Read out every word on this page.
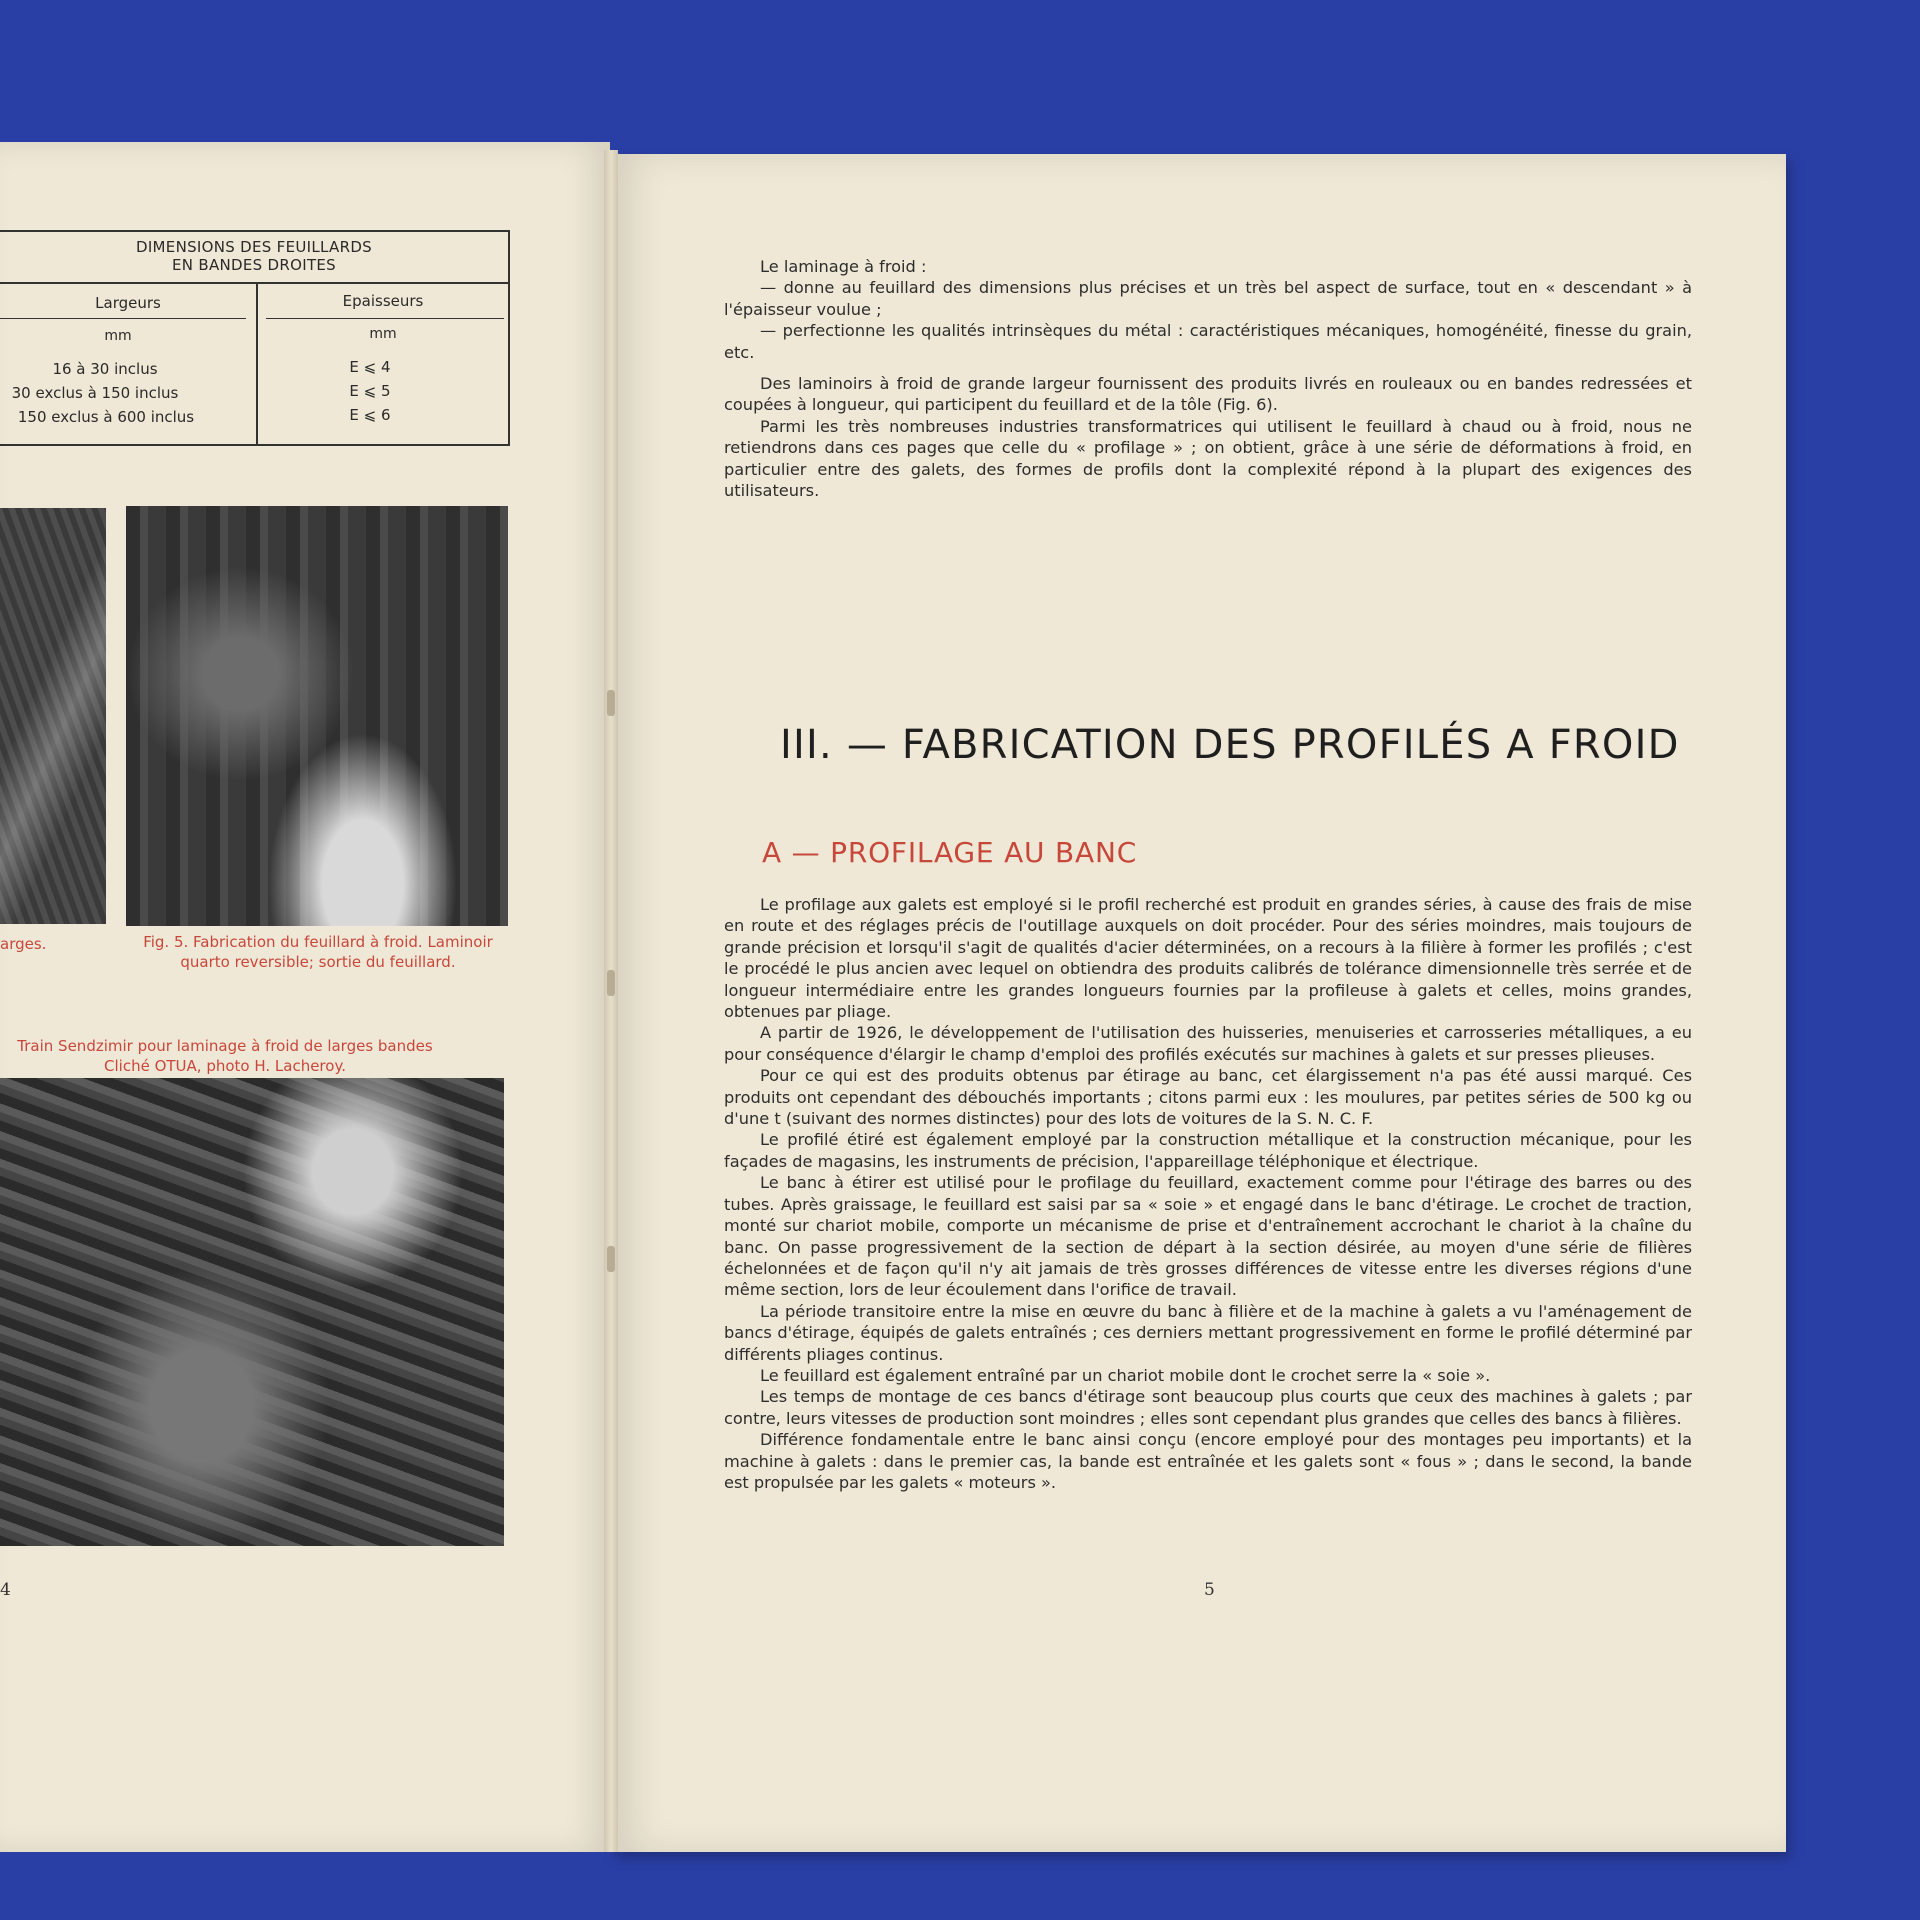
DIMENSIONS DES FEUILLARDS
EN BANDES DROITES
Largeurs	Epaisseurs
mm	mm
16 à 30 inclus	E ⩽ 4
30 exclus à 150 inclus	E ⩽ 5
150 exclus à 600 inclus	E ⩽ 6
arges.	Fig. 5. Fabrication du feuillard à froid. Laminoir
quarto reversible; sortie du feuillard.
Train Sendzimir pour laminage à froid de larges bandes
Cliché OTUA, photo H. Lacheroy.
4

Le laminage à froid :

— donne au feuillard des dimensions plus précises et un très bel aspect de surface, tout en « descendant » à l'épaisseur voulue ;

— perfectionne les qualités intrinsèques du métal : caractéristiques mécaniques, homogénéité, finesse du grain, etc.

Des laminoirs à froid de grande largeur fournissent des produits livrés en rouleaux ou en bandes redressées et coupées à longueur, qui participent du feuillard et de la tôle (Fig. 6).

Parmi les très nombreuses industries transformatrices qui utilisent le feuillard à chaud ou à froid, nous ne retiendrons dans ces pages que celle du « profilage » ; on obtient, grâce à une série de déformations à froid, en particulier entre des galets, des formes de profils dont la complexité répond à la plupart des exigences des utilisateurs.

III. — FABRICATION DES PROFILÉS A FROID
A — PROFILAGE AU BANC

Le profilage aux galets est employé si le profil recherché est produit en grandes séries, à cause des frais de mise en route et des réglages précis de l'outillage auxquels on doit procéder. Pour des séries moindres, mais toujours de grande précision et lorsqu'il s'agit de qualités d'acier déterminées, on a recours à la filière à former les profilés ; c'est le procédé le plus ancien avec lequel on obtiendra des produits calibrés de tolérance dimensionnelle très serrée et de longueur intermédiaire entre les grandes longueurs fournies par la profileuse à galets et celles, moins grandes, obtenues par pliage.

A partir de 1926, le développement de l'utilisation des huisseries, menuiseries et carrosseries métalliques, a eu pour conséquence d'élargir le champ d'emploi des profilés exécutés sur machines à galets et sur presses plieuses.

Pour ce qui est des produits obtenus par étirage au banc, cet élargissement n'a pas été aussi marqué. Ces produits ont cependant des débouchés importants ; citons parmi eux : les moulures, par petites séries de 500 kg ou d'une t (suivant des normes distinctes) pour des lots de voitures de la S. N. C. F.

Le profilé étiré est également employé par la construction métallique et la construction mécanique, pour les façades de magasins, les instruments de précision, l'appareillage téléphonique et électrique.

Le banc à étirer est utilisé pour le profilage du feuillard, exactement comme pour l'étirage des barres ou des tubes. Après graissage, le feuillard est saisi par sa « soie » et engagé dans le banc d'étirage. Le crochet de traction, monté sur chariot mobile, comporte un mécanisme de prise et d'entraînement accrochant le chariot à la chaîne du banc. On passe progressivement de la section de départ à la section désirée, au moyen d'une série de filières échelonnées et de façon qu'il n'y ait jamais de très grosses différences de vitesse entre les diverses régions d'une même section, lors de leur écoulement dans l'orifice de travail.

La période transitoire entre la mise en œuvre du banc à filière et de la machine à galets a vu l'aménagement de bancs d'étirage, équipés de galets entraînés ; ces derniers mettant progressivement en forme le profilé déterminé par différents pliages continus.

Le feuillard est également entraîné par un chariot mobile dont le crochet serre la « soie ».

Les temps de montage de ces bancs d'étirage sont beaucoup plus courts que ceux des machines à galets ; par contre, leurs vitesses de production sont moindres ; elles sont cependant plus grandes que celles des bancs à filières.

Différence fondamentale entre le banc ainsi conçu (encore employé pour des montages peu importants) et la machine à galets : dans le premier cas, la bande est entraînée et les galets sont « fous » ; dans le second, la bande est propulsée par les galets « moteurs ».

5
